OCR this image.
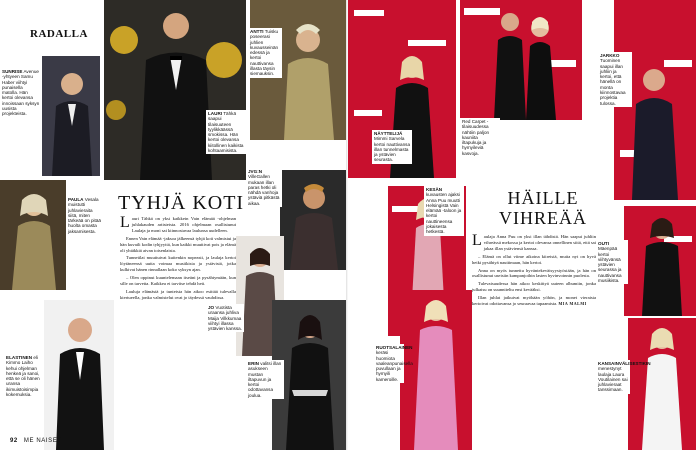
RADALLA
SUNRISE Avenue -yhtyeen Samu Haber viihtyi punaisella matolla. Hän kertoi olevansa innoissaan syksyn uusista projekteista.	LAURI Tähkä saapui tilaisuuteen tyylikkäässä smokissa. Hän kertoi olevansa kiitollinen kaikista kohtaamisista.
ANTTI Tuisku poseerasi juhlien kuvausseinän edessä ja kertoi nauttivansa illasta täysin siemauksin.
PAULA Vesala muistutti juhlavieraita siitä, miten tärkeää on pitää huolta omasta jaksamisesta.
TYHJÄ KOTI

Lauri Tähkä on yksi kaikkein Vain elämää -ohjelman juhlakauden artisteista. 2016 ohjelmaan osallistunut Laulaja ja moni sai kiinnostavaa laulunsa uudelleen.

Ennen Vain elämää -jaksoa jälkeensä tyhjä koti valmistui ja hän kuvaili kodin tyhjyyttä, kun kaikki muuttivat pois ja elämä oli yhtäkkiä aivan toisenlaista.

Tunnetilat muuttuivat kuitenkin nopeasti, ja laulaja kertoi löytäneensä uutta voimaa musiikista ja ystävistä, jotka kulkivat hänen rinnallaan koko syksyn ajan.

– Olen oppinut kuuntelemaan itseäni ja pysähtymään, kun sille on tarvetta. Kaikkea ei tarvitse tehdä heti.

Lauluja elämästä ja tunteista hän aikoo esittää tulevalla kiertueella, jonka valmistelut ovat jo täydessä vauhdissa.

JVG:N VilleGallen mukaan illan paras hetki oli nähdä vanhoja ystäviä pitkästä aikaa.
ELASTINEN eli Kimmo Laiho kehui ohjelman henkeä ja sanoi, että se oli hänen uransa ikimuistoisimpia kokemuksia.
JO Vuotista uraansa juhliva Maija Vilkkumaa viihtyi illassa ystävien kanssa.
ERIN valitsi illan asukseen mustan iltapuvun ja kertoi odottavansa joulua.
92 ME NAISET
NÄYTTELIJÄ Mimmi Sarvela kertoi nauttivansa illan tunnelmasta ja ystävien seurasta.
Red Carpet -tilaisuudessa nähtiin paljon kauniita iltapukuja ja hymyileviä kasvoja.
JARKKO Tuominen saapui illan juhliin ja kertoi, että hänellä on monta kiinnostavaa projektia tulossa.
KESÄN kuvausten ajaksi Anna Puu muutti Helsingistä Vain elämää -taloon ja kertoi nauttineensa jokaisesta hetkestä.
HÄILLE
VIHREÄÄ

Laulaja Anna Puu on yksi illan tähdistä. Hän saapui juhliin vihreässä mekossa ja kertoi olevansa onnellinen siitä, että sai jakaa illan ystäviensä kanssa.

– Elämä on ollut viime aikoina kiireistä, mutta nyt on hyvä hetki pysähtyä nauttimaan, hän kertoi.

Anna on myös tunnettu hyväntekeväisyystyöstään, ja hän on osallistunut useisiin kampanjoihin lasten hyvinvoinnin puolesta.

Tulevaisuudessa hän aikoo keskittyä uuteen albumiin, jonka julkaisu on suunniteltu ensi kevääksi.

Illan juhlat jatkuivat myöhään yöhön, ja monet vieraista kertoivat odottavansa jo seuraavaa tapaamista. MIA MALMI

RUOTSALAINEN keräsi huomiota vaaleanpunaisella puvullaan ja hymyili kameroille.
OUTI Mäenpää kertoi viihtyvänsä ystävien seurassa ja nauttivansa musiikista.
KANSAINVÄLISESTIKIN menestynyt laulaja Laura Voutilainen sai juhlavieraat tanssimaan.
